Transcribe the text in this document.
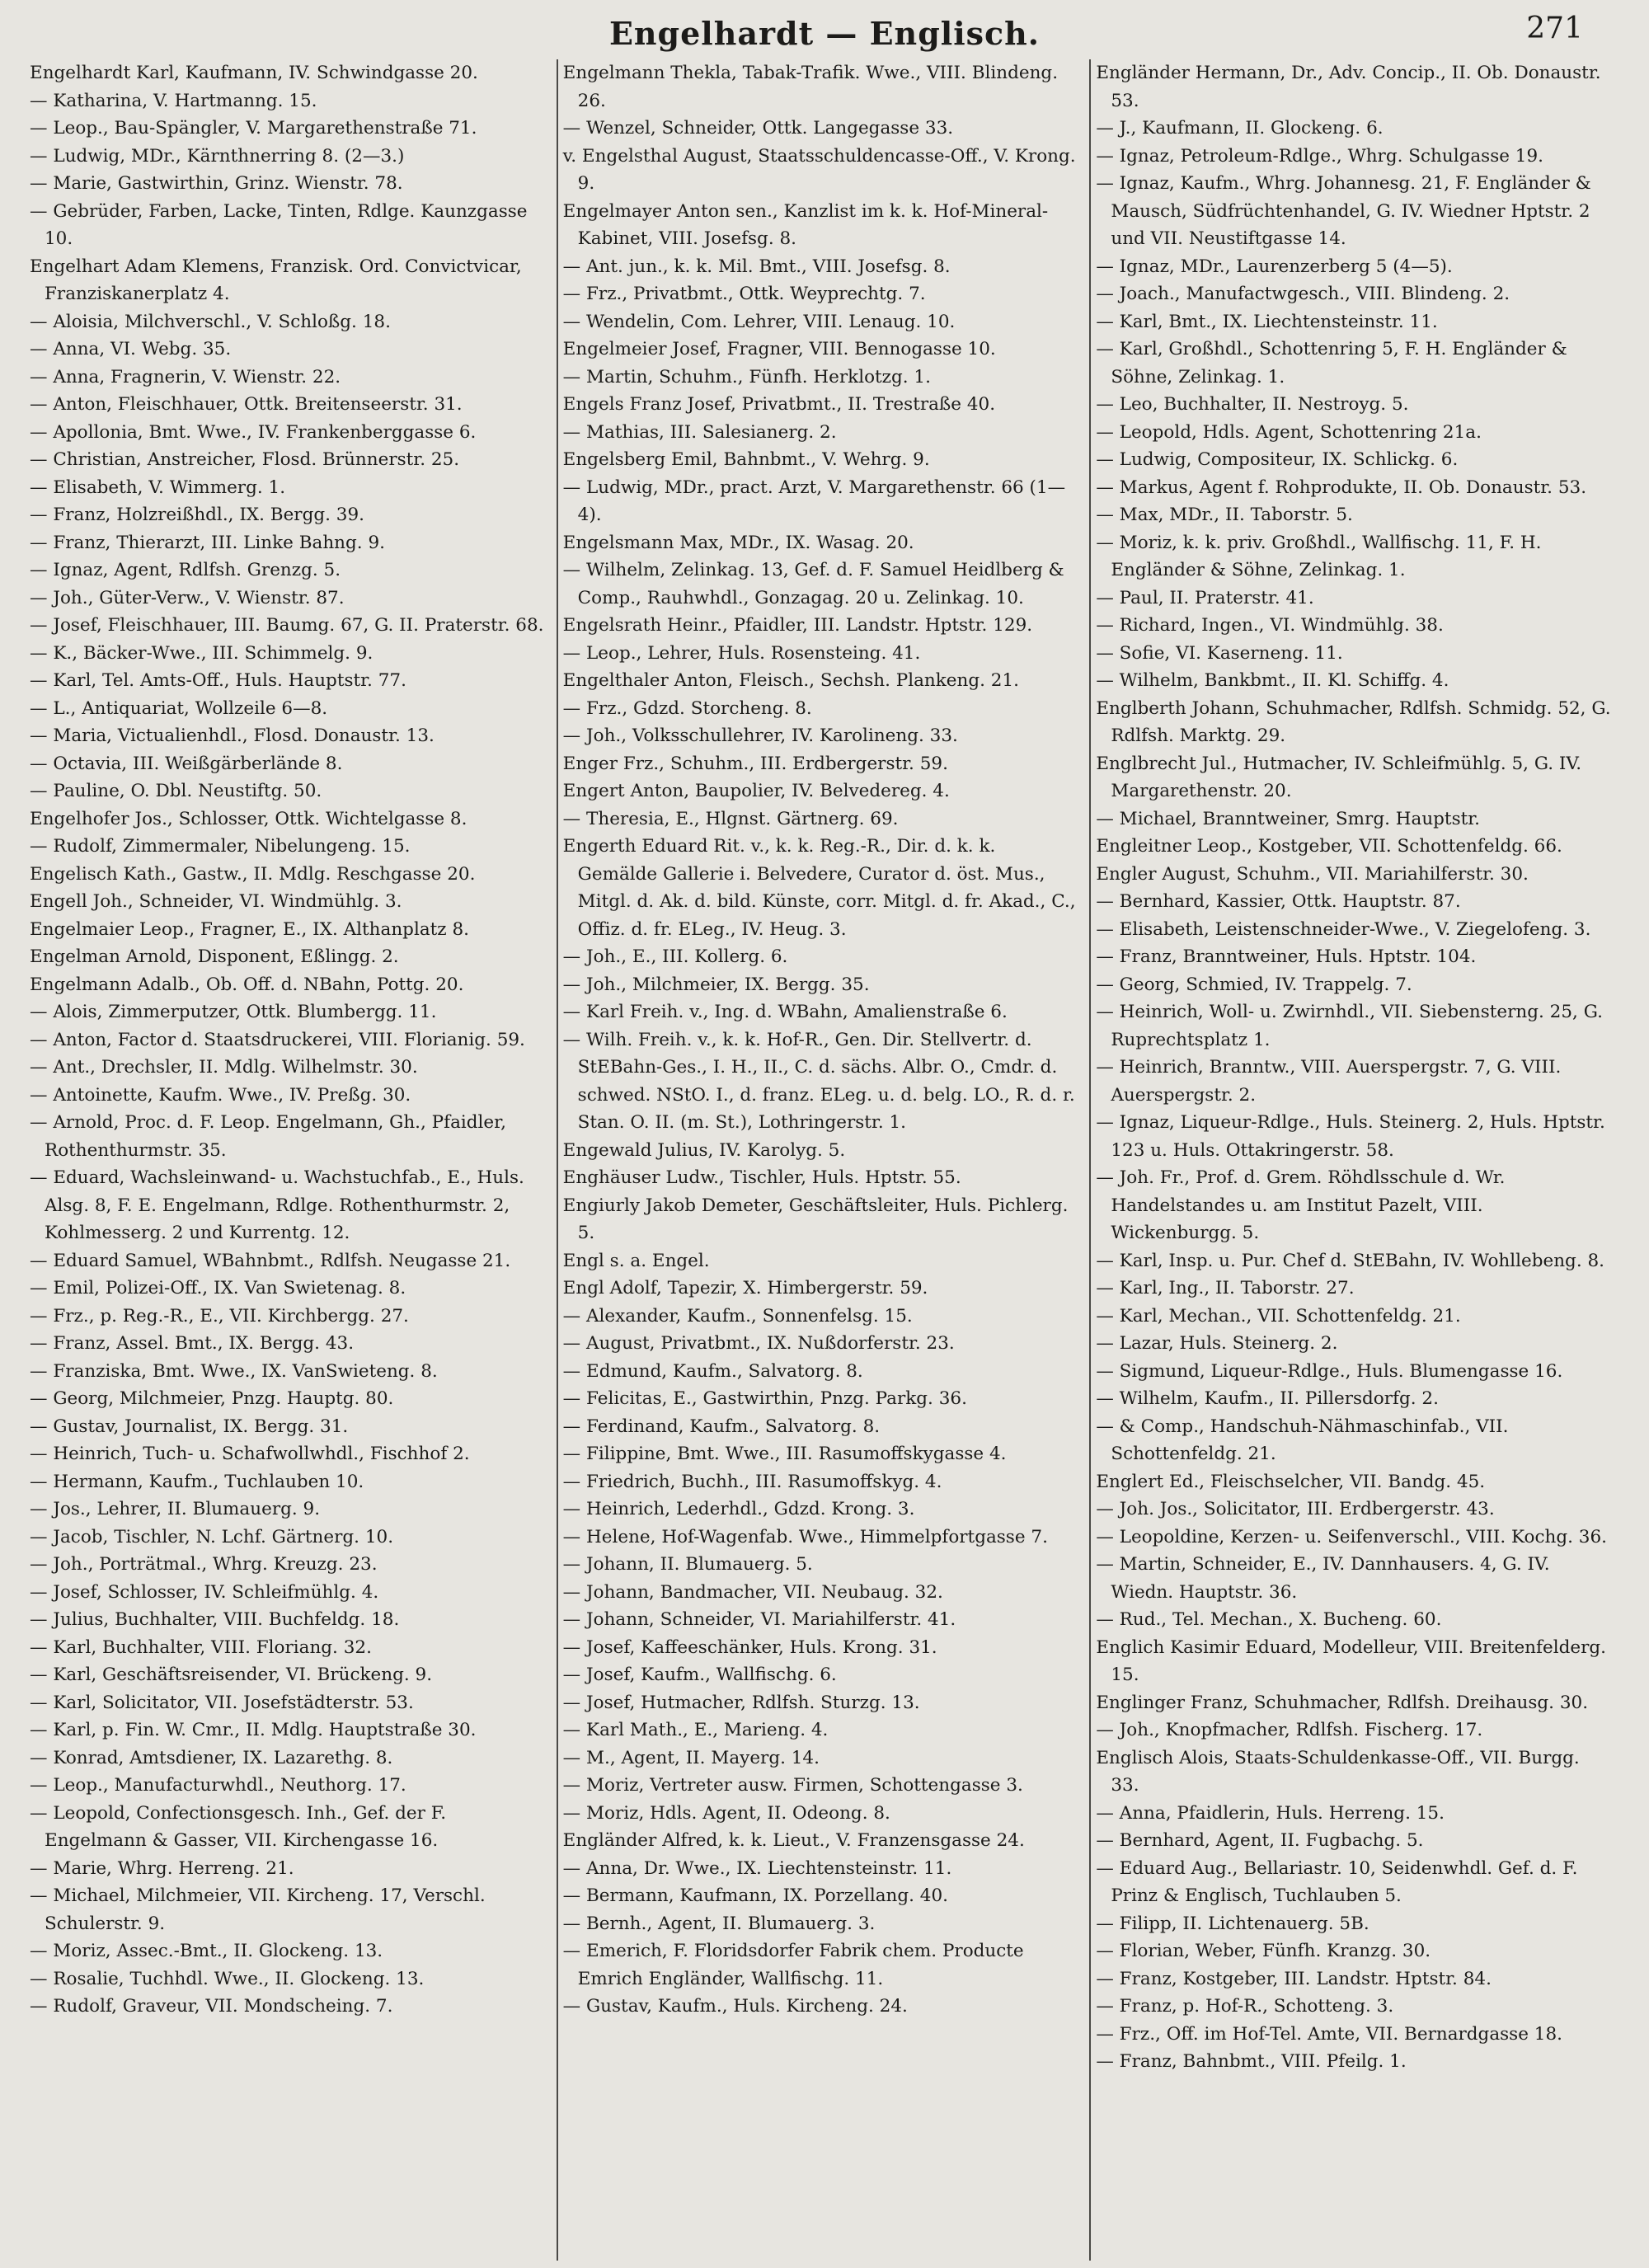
Engelhardt — Englisch.	271
Engelhardt Karl, Kaufmann, IV. Schwindgasse 20.
— Katharina, V. Hartmanng. 15.
— Leop., Bau-Spängler, V. Margarethenstraße 71.
— Ludwig, MDr., Kärnthnerring 8. (2—3.)
— Marie, Gastwirthin, Grinz. Wienstr. 78.
— Gebrüder, Farben, Lacke, Tinten, Rdlge. Kaunzgasse 10.
Engelhart Adam Klemens, Franzisk. Ord. Convictvicar, Franziskanerplatz 4.
— Aloisia, Milchverschl., V. Schloßg. 18.
— Anna, VI. Webg. 35.
— Anna, Fragnerin, V. Wienstr. 22.
— Anton, Fleischhauer, Ottk. Breitenseerstr. 31.
— Apollonia, Bmt. Wwe., IV. Frankenberggasse 6.
— Christian, Anstreicher, Flosd. Brünnerstr. 25.
— Elisabeth, V. Wimmerg. 1.
— Franz, Holzreißhdl., IX. Bergg. 39.
— Franz, Thierarzt, III. Linke Bahng. 9.
— Ignaz, Agent, Rdlfsh. Grenzg. 5.
— Joh., Güter-Verw., V. Wienstr. 87.
— Josef, Fleischhauer, III. Baumg. 67, G. II. Praterstr. 68.
— K., Bäcker-Wwe., III. Schimmelg. 9.
— Karl, Tel. Amts-Off., Huls. Hauptstr. 77.
— L., Antiquariat, Wollzeile 6—8.
— Maria, Victualienhdl., Flosd. Donaustr. 13.
— Octavia, III. Weißgärberlände 8.
— Pauline, O. Dbl. Neustiftg. 50.
Engelhofer Jos., Schlosser, Ottk. Wichtelgasse 8.
— Rudolf, Zimmermaler, Nibelungeng. 15.
Engelisch Kath., Gastw., II. Mdlg. Reschgasse 20.
Engell Joh., Schneider, VI. Windmühlg. 3.
Engelmaier Leop., Fragner, E., IX. Althanplatz 8.
Engelman Arnold, Disponent, Eßlingg. 2.
Engelmann Adalb., Ob. Off. d. NBahn, Pottg. 20.
— Alois, Zimmerputzer, Ottk. Blumbergg. 11.
— Anton, Factor d. Staatsdruckerei, VIII. Florianig. 59.
— Ant., Drechsler, II. Mdlg. Wilhelmstr. 30.
— Antoinette, Kaufm. Wwe., IV. Preßg. 30.
— Arnold, Proc. d. F. Leop. Engelmann, Gh., Pfaidler, Rothenthurmstr. 35.
— Eduard, Wachsleinwand- u. Wachstuchfab., E., Huls. Alsg. 8, F. E. Engelmann, Rdlge. Rothenthurmstr. 2, Kohlmesserg. 2 und Kurrentg. 12.
— Eduard Samuel, WBahnbmt., Rdlfsh. Neugasse 21.
— Emil, Polizei-Off., IX. Van Swietenag. 8.
— Frz., p. Reg.-R., E., VII. Kirchbergg. 27.
— Franz, Assel. Bmt., IX. Bergg. 43.
— Franziska, Bmt. Wwe., IX. VanSwieteng. 8.
— Georg, Milchmeier, Pnzg. Hauptg. 80.
— Gustav, Journalist, IX. Bergg. 31.
— Heinrich, Tuch- u. Schafwollwhdl., Fischhof 2.
— Hermann, Kaufm., Tuchlauben 10.
— Jos., Lehrer, II. Blumauerg. 9.
— Jacob, Tischler, N. Lchf. Gärtnerg. 10.
— Joh., Porträtmal., Whrg. Kreuzg. 23.
— Josef, Schlosser, IV. Schleifmühlg. 4.
— Julius, Buchhalter, VIII. Buchfeldg. 18.
— Karl, Buchhalter, VIII. Floriang. 32.
— Karl, Geschäftsreisender, VI. Brückeng. 9.
— Karl, Solicitator, VII. Josefstädterstr. 53.
— Karl, p. Fin. W. Cmr., II. Mdlg. Hauptstraße 30.
— Konrad, Amtsdiener, IX. Lazarethg. 8.
— Leop., Manufacturwhdl., Neuthorg. 17.
— Leopold, Confectionsgesch. Inh., Gef. der F. Engelmann & Gasser, VII. Kirchengasse 16.
— Marie, Whrg. Herreng. 21.
— Michael, Milchmeier, VII. Kircheng. 17, Verschl. Schulerstr. 9.
— Moriz, Assec.-Bmt., II. Glockeng. 13.
— Rosalie, Tuchhdl. Wwe., II. Glockeng. 13.
— Rudolf, Graveur, VII. Mondscheing. 7.
Engelmann Thekla, Tabak-Trafik. Wwe., VIII. Blindeng. 26.
— Wenzel, Schneider, Ottk. Langegasse 33.
v. Engelsthal August, Staatsschuldencasse-Off., V. Krong. 9.
Engelmayer Anton sen., Kanzlist im k. k. Hof-Mineral-Kabinet, VIII. Josefsg. 8.
— Ant. jun., k. k. Mil. Bmt., VIII. Josefsg. 8.
— Frz., Privatbmt., Ottk. Weyprechtg. 7.
— Wendelin, Com. Lehrer, VIII. Lenaug. 10.
Engelmeier Josef, Fragner, VIII. Bennogasse 10.
— Martin, Schuhm., Fünfh. Herklotzg. 1.
Engels Franz Josef, Privatbmt., II. Trestraße 40.
— Mathias, III. Salesianerg. 2.
Engelsberg Emil, Bahnbmt., V. Wehrg. 9.
— Ludwig, MDr., pract. Arzt, V. Margarethenstr. 66 (1—4).
Engelsmann Max, MDr., IX. Wasag. 20.
— Wilhelm, Zelinkag. 13, Gef. d. F. Samuel Heidlberg & Comp., Rauhwhdl., Gonzagag. 20 u. Zelinkag. 10.
Engelsrath Heinr., Pfaidler, III. Landstr. Hptstr. 129.
— Leop., Lehrer, Huls. Rosensteing. 41.
Engelthaler Anton, Fleisch., Sechsh. Plankeng. 21.
— Frz., Gdzd. Storcheng. 8.
— Joh., Volksschullehrer, IV. Karolineng. 33.
Enger Frz., Schuhm., III. Erdbergerstr. 59.
Engert Anton, Baupolier, IV. Belvedereg. 4.
— Theresia, E., Hlgnst. Gärtnerg. 69.
Engerth Eduard Rit. v., k. k. Reg.-R., Dir. d. k. k. Gemälde Gallerie i. Belvedere, Curator d. öst. Mus., Mitgl. d. Ak. d. bild. Künste, corr. Mitgl. d. fr. Akad., C., Offiz. d. fr. ELeg., IV. Heug. 3.
— Joh., E., III. Kollerg. 6.
— Joh., Milchmeier, IX. Bergg. 35.
— Karl Freih. v., Ing. d. WBahn, Amalienstraße 6.
— Wilh. Freih. v., k. k. Hof-R., Gen. Dir. Stellvertr. d. StEBahn-Ges., I. H., II., C. d. sächs. Albr. O., Cmdr. d. schwed. NStO. I., d. franz. ELeg. u. d. belg. LO., R. d. r. Stan. O. II. (m. St.), Lothringerstr. 1.
Engewald Julius, IV. Karolyg. 5.
Enghäuser Ludw., Tischler, Huls. Hptstr. 55.
Engiurly Jakob Demeter, Geschäftsleiter, Huls. Pichlerg. 5.
Engl s. a. Engel.
Engl Adolf, Tapezir, X. Himbergerstr. 59.
— Alexander, Kaufm., Sonnenfelsg. 15.
— August, Privatbmt., IX. Nußdorferstr. 23.
— Edmund, Kaufm., Salvatorg. 8.
— Felicitas, E., Gastwirthin, Pnzg. Parkg. 36.
— Ferdinand, Kaufm., Salvatorg. 8.
— Filippine, Bmt. Wwe., III. Rasumoffskygasse 4.
— Friedrich, Buchh., III. Rasumoffskyg. 4.
— Heinrich, Lederhdl., Gdzd. Krong. 3.
— Helene, Hof-Wagenfab. Wwe., Himmelpfortgasse 7.
— Johann, II. Blumauerg. 5.
— Johann, Bandmacher, VII. Neubaug. 32.
— Johann, Schneider, VI. Mariahilferstr. 41.
— Josef, Kaffeeschänker, Huls. Krong. 31.
— Josef, Kaufm., Wallfischg. 6.
— Josef, Hutmacher, Rdlfsh. Sturzg. 13.
— Karl Math., E., Marieng. 4.
— M., Agent, II. Mayerg. 14.
— Moriz, Vertreter ausw. Firmen, Schottengasse 3.
— Moriz, Hdls. Agent, II. Odeong. 8.
Engländer Alfred, k. k. Lieut., V. Franzensgasse 24.
— Anna, Dr. Wwe., IX. Liechtensteinstr. 11.
— Bermann, Kaufmann, IX. Porzellang. 40.
— Bernh., Agent, II. Blumauerg. 3.
— Emerich, F. Floridsdorfer Fabrik chem. Producte Emrich Engländer, Wallfischg. 11.
— Gustav, Kaufm., Huls. Kircheng. 24.
Engländer Hermann, Dr., Adv. Concip., II. Ob. Donaustr. 53.
— J., Kaufmann, II. Glockeng. 6.
— Ignaz, Petroleum-Rdlge., Whrg. Schulgasse 19.
— Ignaz, Kaufm., Whrg. Johannesg. 21, F. Engländer & Mausch, Südfrüchtenhandel, G. IV. Wiedner Hptstr. 2 und VII. Neustiftgasse 14.
— Ignaz, MDr., Laurenzerberg 5 (4—5).
— Joach., Manufactwgesch., VIII. Blindeng. 2.
— Karl, Bmt., IX. Liechtensteinstr. 11.
— Karl, Großhdl., Schottenring 5, F. H. Engländer & Söhne, Zelinkag. 1.
— Leo, Buchhalter, II. Nestroyg. 5.
— Leopold, Hdls. Agent, Schottenring 21a.
— Ludwig, Compositeur, IX. Schlickg. 6.
— Markus, Agent f. Rohprodukte, II. Ob. Donaustr. 53.
— Max, MDr., II. Taborstr. 5.
— Moriz, k. k. priv. Großhdl., Wallfischg. 11, F. H. Engländer & Söhne, Zelinkag. 1.
— Paul, II. Praterstr. 41.
— Richard, Ingen., VI. Windmühlg. 38.
— Sofie, VI. Kaserneng. 11.
— Wilhelm, Bankbmt., II. Kl. Schiffg. 4.
Englberth Johann, Schuhmacher, Rdlfsh. Schmidg. 52, G. Rdlfsh. Marktg. 29.
Englbrecht Jul., Hutmacher, IV. Schleifmühlg. 5, G. IV. Margarethenstr. 20.
— Michael, Branntweiner, Smrg. Hauptstr.
Engleitner Leop., Kostgeber, VII. Schottenfeldg. 66.
Engler August, Schuhm., VII. Mariahilferstr. 30.
— Bernhard, Kassier, Ottk. Hauptstr. 87.
— Elisabeth, Leistenschneider-Wwe., V. Ziegelofeng. 3.
— Franz, Branntweiner, Huls. Hptstr. 104.
— Georg, Schmied, IV. Trappelg. 7.
— Heinrich, Woll- u. Zwirnhdl., VII. Siebensterng. 25, G. Ruprechtsplatz 1.
— Heinrich, Branntw., VIII. Auerspergstr. 7, G. VIII. Auerspergstr. 2.
— Ignaz, Liqueur-Rdlge., Huls. Steinerg. 2, Huls. Hptstr. 123 u. Huls. Ottakringerstr. 58.
— Joh. Fr., Prof. d. Grem. Röhdlsschule d. Wr. Handelstandes u. am Institut Pazelt, VIII. Wickenburgg. 5.
— Karl, Insp. u. Pur. Chef d. StEBahn, IV. Wohllebeng. 8.
— Karl, Ing., II. Taborstr. 27.
— Karl, Mechan., VII. Schottenfeldg. 21.
— Lazar, Huls. Steinerg. 2.
— Sigmund, Liqueur-Rdlge., Huls. Blumengasse 16.
— Wilhelm, Kaufm., II. Pillersdorfg. 2.
— & Comp., Handschuh-Nähmaschinfab., VII. Schottenfeldg. 21.
Englert Ed., Fleischselcher, VII. Bandg. 45.
— Joh. Jos., Solicitator, III. Erdbergerstr. 43.
— Leopoldine, Kerzen- u. Seifenverschl., VIII. Kochg. 36.
— Martin, Schneider, E., IV. Dannhausers. 4, G. IV. Wiedn. Hauptstr. 36.
— Rud., Tel. Mechan., X. Bucheng. 60.
Englich Kasimir Eduard, Modelleur, VIII. Breitenfelderg. 15.
Englinger Franz, Schuhmacher, Rdlfsh. Dreihausg. 30.
— Joh., Knopfmacher, Rdlfsh. Fischerg. 17.
Englisch Alois, Staats-Schuldenkasse-Off., VII. Burgg. 33.
— Anna, Pfaidlerin, Huls. Herreng. 15.
— Bernhard, Agent, II. Fugbachg. 5.
— Eduard Aug., Bellariastr. 10, Seidenwhdl. Gef. d. F. Prinz & Englisch, Tuchlauben 5.
— Filipp, II. Lichtenauerg. 5B.
— Florian, Weber, Fünfh. Kranzg. 30.
— Franz, Kostgeber, III. Landstr. Hptstr. 84.
— Franz, p. Hof-R., Schotteng. 3.
— Frz., Off. im Hof-Tel. Amte, VII. Bernardgasse 18.
— Franz, Bahnbmt., VIII. Pfeilg. 1.
